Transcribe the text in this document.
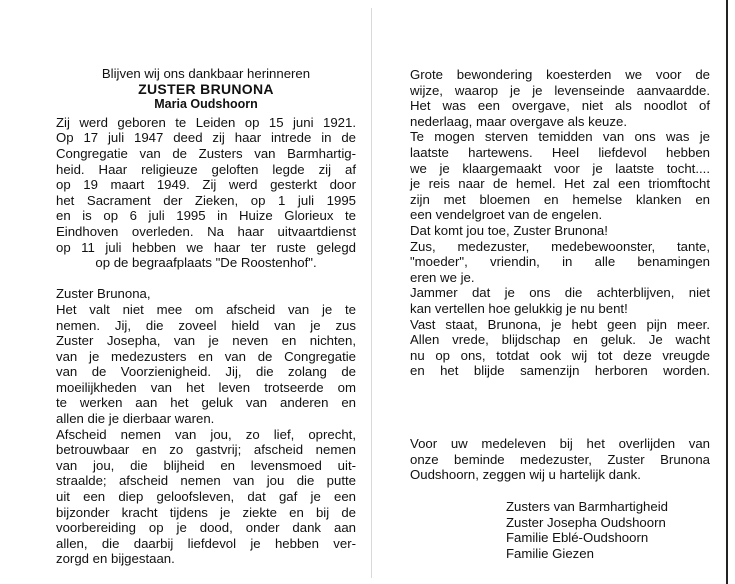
Blijven wij ons dankbaar herinneren
ZUSTER BRUNONA
Maria Oudshoorn
Zij werd geboren te Leiden op 15 juni 1921.
Op 17 juli 1947 deed zij haar intrede in de
Congregatie van de Zusters van Barmhartig-
heid. Haar religieuze geloften legde zij af
op 19 maart 1949. Zij werd gesterkt door
het Sacrament der Zieken, op 1 juli 1995
en is op 6 juli 1995 in Huize Glorieux te
Eindhoven overleden. Na haar uitvaartdienst
op 11 juli hebben we haar ter ruste gelegd
op de begraafplaats "De Roostenhof".
Zuster Brunona,
Het valt niet mee om afscheid van je te
nemen. Jij, die zoveel hield van je zus
Zuster Josepha, van je neven en nichten,
van je medezusters en van de Congregatie
van de Voorzienigheid. Jij, die zolang de
moeilijkheden van het leven trotseerde om
te werken aan het geluk van anderen en
allen die je dierbaar waren.
Afscheid nemen van jou, zo lief, oprecht,
betrouwbaar en zo gastvrij; afscheid nemen
van jou, die blijheid en levensmoed uit-
straalde; afscheid nemen van jou die putte
uit een diep geloofsleven, dat gaf je een
bijzonder kracht tijdens je ziekte en bij de
voorbereiding op je dood, onder dank aan
allen, die daarbij liefdevol je hebben ver-
zorgd en bijgestaan.
Grote bewondering koesterden we voor de
wijze, waarop je je levenseinde aanvaardde.
Het was een overgave, niet als noodlot of
nederlaag, maar overgave als keuze.
Te mogen sterven temidden van ons was je
laatste hartewens. Heel liefdevol hebben
we je klaargemaakt voor je laatste tocht....
je reis naar de hemel. Het zal een triomftocht
zijn met bloemen en hemelse klanken en
een vendelgroet van de engelen.
Dat komt jou toe, Zuster Brunona!
Zus, medezuster, medebewoonster, tante,
"moeder", vriendin, in alle benamingen
eren we je.
Jammer dat je ons die achterblijven, niet
kan vertellen hoe gelukkig je nu bent!
Vast staat, Brunona, je hebt geen pijn meer.
Allen vrede, blijdschap en geluk. Je wacht
nu op ons, totdat ook wij tot deze vreugde
en het blijde samenzijn herboren worden.
Voor uw medeleven bij het overlijden van
onze beminde medezuster, Zuster Brunona
Oudshoorn, zeggen wij u hartelijk dank.
Zusters van Barmhartigheid
Zuster Josepha Oudshoorn
Familie Eblé-Oudshoorn
Familie Giezen
